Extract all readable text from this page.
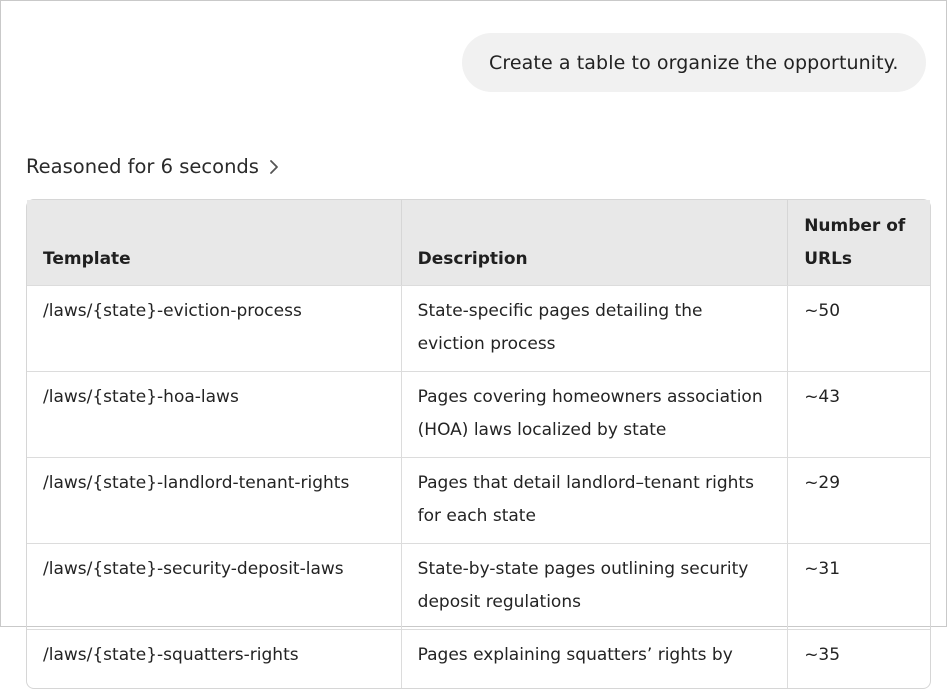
Create a table to organize the opportunity.
Reasoned for 6 seconds
Template	Description	Number of URLs
/laws/{state}-eviction-process	State-specific pages detailing the eviction process	~50
/laws/{state}-hoa-laws	Pages covering homeowners association (HOA) laws localized by state	~43
/laws/{state}-landlord-tenant-rights	Pages that detail landlord–tenant rights for each state	~29
/laws/{state}-security-deposit-laws	State-by-state pages outlining security deposit regulations	~31
/laws/{state}-squatters-rights	Pages explaining squatters’ rights by	~35
